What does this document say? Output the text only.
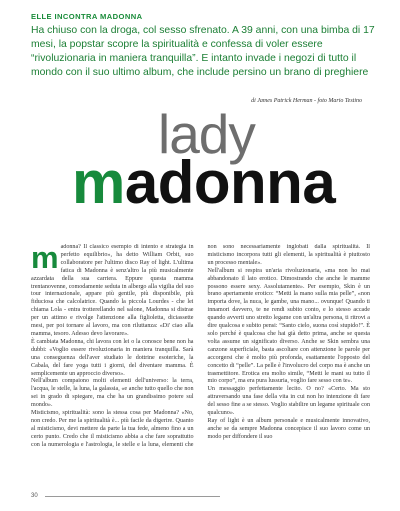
ELLE INCONTRA MADONNA

Ha chiuso con la droga, col sesso sfrenato. A 39 anni, con una bimba di 17 mesi, la popstar scopre la spiritualità e confessa di voler essere “rivoluzionaria in maniera tranquilla”. E intanto invade i negozi di tutto il mondo con il suo ultimo album, che include persino un brano di preghiere

di James Patrick Herman - foto Mario Testino
lady
madonna

madonna? Il classico esempio di intento e strategia in perfetto equilibrio», ha detto William Orbit, suo collaboratore per l'ultimo disco Ray of light. L'ultima fatica di Madonna è senz'altro la più musicalmente azzardata della sua carriera. Eppure questa mamma trentanovenne, comodamente seduta in albergo alla vigilia del suo tour internazionale, appare più gentile, più disponibile, più fiduciosa che calcolatrice. Quando la piccola Lourdes - che lei chiama Lola - entra trotterellando nel salone, Madonna si distrae per un attimo e rivolge l'attenzione alla figlioletta, diciassette mesi, per poi tornare al lavoro, ma con riluttanza: «Di' ciao alla mamma, tesoro. Adesso devo lavorare».

È cambiata Madonna, chi lavora con lei o la conosce bene non ha dubbi: «Voglio essere rivoluzionaria in maniera tranquilla. Sarà una conseguenza dell'aver studiato le dottrine esoteriche, la Cabala, del fare yoga tutti i giorni, del diventare mamma. È semplicemente un approccio diverso».

Nell'album compaiono molti elementi dell'universo: la terra, l'acqua, le stelle, la luna, la galassia, «e anche tutto quello che non sei in grado di spiegare, ma che ha un grandissimo potere sul mondo».

Misticismo, spiritualità: sono la stessa cosa per Madonna? «No, non credo. Per me la spiritualità è... più facile da digerire. Quanto al misticismo, devi mettere da parte la tua fede, almeno fino a un certo punto. Credo che il misticismo abbia a che fare soprattutto con la numerologia e l'astrologia, le stelle e la luna, elementi che non sono necessariamente inglobati dalla spiritualità. Il misticismo incorpora tutti gli elementi, la spiritualità è piuttosto un processo mentale».

Nell'album si respira un'aria rivoluzionaria, «ma non ho mai abbandonato il lato erotico. Dimostrando che anche le mamme possono essere sexy. Assolutamente». Per esempio, Skin è un brano apertamente erotico: “Metti la mano sulla mia pelle”, «non importa dove, la nuca, le gambe, una mano... ovunque! Quando ti innamori davvero, te ne rendi subito conto, e lo stesso accade quando avverti uno stretto legame con un'altra persona, ti ritrovi a dire qualcosa e subito pensi: “Santo cielo, suona così stupido!”. È solo perché è qualcosa che hai già detto prima, anche se questa volta assume un significato diverso. Anche se Skin sembra una canzone superficiale, basta ascoltare con attenzione le parole per accorgersi che è molto più profonda, esattamente l'opposto del concetto di “pelle”. La pelle è l'involucro del corpo ma è anche un trasmettitore. Erotica era molto simile, “Metti le mani su tutto il mio corpo”, ma era pura lussuria, voglio fare sesso con te».

Un messaggio perfettamente lecito. O no? «Certo. Ma sto attraversando una fase della vita in cui non ho intenzione di fare del sesso fine a se stesso. Voglio stabilire un legame spirituale con qualcuno».

Ray of light è un album personale e musicalmente innovativo, anche se da sempre Madonna concepisce il suo lavoro come un modo per diffondere il suo

30
